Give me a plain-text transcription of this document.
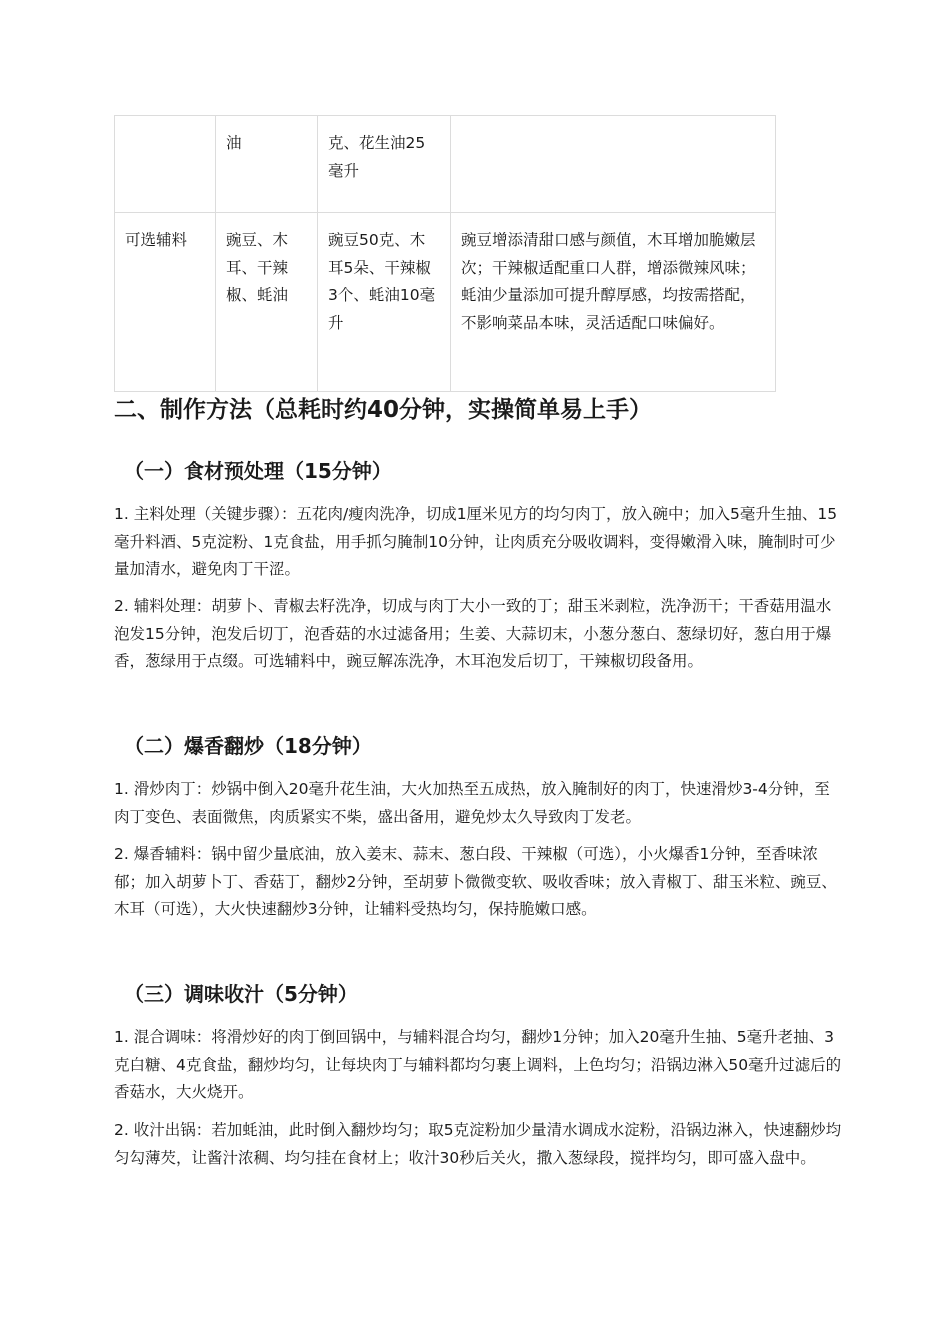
	油	克、花生油25毫升	
可选辅料	豌豆、木耳、干辣椒、蚝油	豌豆50克、木耳5朵、干辣椒3个、蚝油10毫升	豌豆增添清甜口感与颜值，木耳增加脆嫩层次；干辣椒适配重口人群，增添微辣风味；蚝油少量添加可提升醇厚感，均按需搭配，不影响菜品本味，灵活适配口味偏好。
二、制作方法（总耗时约40分钟，实操简单易上手）
（一）食材预处理（15分钟）

1. 主料处理（关键步骤）：五花肉/瘦肉洗净，切成1厘米见方的均匀肉丁，放入碗中；加入5毫升生抽、15毫升料酒、5克淀粉、1克食盐，用手抓匀腌制10分钟，让肉质充分吸收调料，变得嫩滑入味，腌制时可少量加清水，避免肉丁干涩。

2. 辅料处理：胡萝卜、青椒去籽洗净，切成与肉丁大小一致的丁；甜玉米剥粒，洗净沥干；干香菇用温水泡发15分钟，泡发后切丁，泡香菇的水过滤备用；生姜、大蒜切末，小葱分葱白、葱绿切好，葱白用于爆香，葱绿用于点缀。可选辅料中，豌豆解冻洗净，木耳泡发后切丁，干辣椒切段备用。

（二）爆香翻炒（18分钟）

1. 滑炒肉丁：炒锅中倒入20毫升花生油，大火加热至五成热，放入腌制好的肉丁，快速滑炒3-4分钟，至肉丁变色、表面微焦，肉质紧实不柴，盛出备用，避免炒太久导致肉丁发老。

2. 爆香辅料：锅中留少量底油，放入姜末、蒜末、葱白段、干辣椒（可选），小火爆香1分钟，至香味浓郁；加入胡萝卜丁、香菇丁，翻炒2分钟，至胡萝卜微微变软、吸收香味；放入青椒丁、甜玉米粒、豌豆、木耳（可选），大火快速翻炒3分钟，让辅料受热均匀，保持脆嫩口感。

（三）调味收汁（5分钟）

1. 混合调味：将滑炒好的肉丁倒回锅中，与辅料混合均匀，翻炒1分钟；加入20毫升生抽、5毫升老抽、3克白糖、4克食盐，翻炒均匀，让每块肉丁与辅料都均匀裹上调料，上色均匀；沿锅边淋入50毫升过滤后的香菇水，大火烧开。

2. 收汁出锅：若加蚝油，此时倒入翻炒均匀；取5克淀粉加少量清水调成水淀粉，沿锅边淋入，快速翻炒均匀勾薄芡，让酱汁浓稠、均匀挂在食材上；收汁30秒后关火，撒入葱绿段，搅拌均匀，即可盛入盘中。
